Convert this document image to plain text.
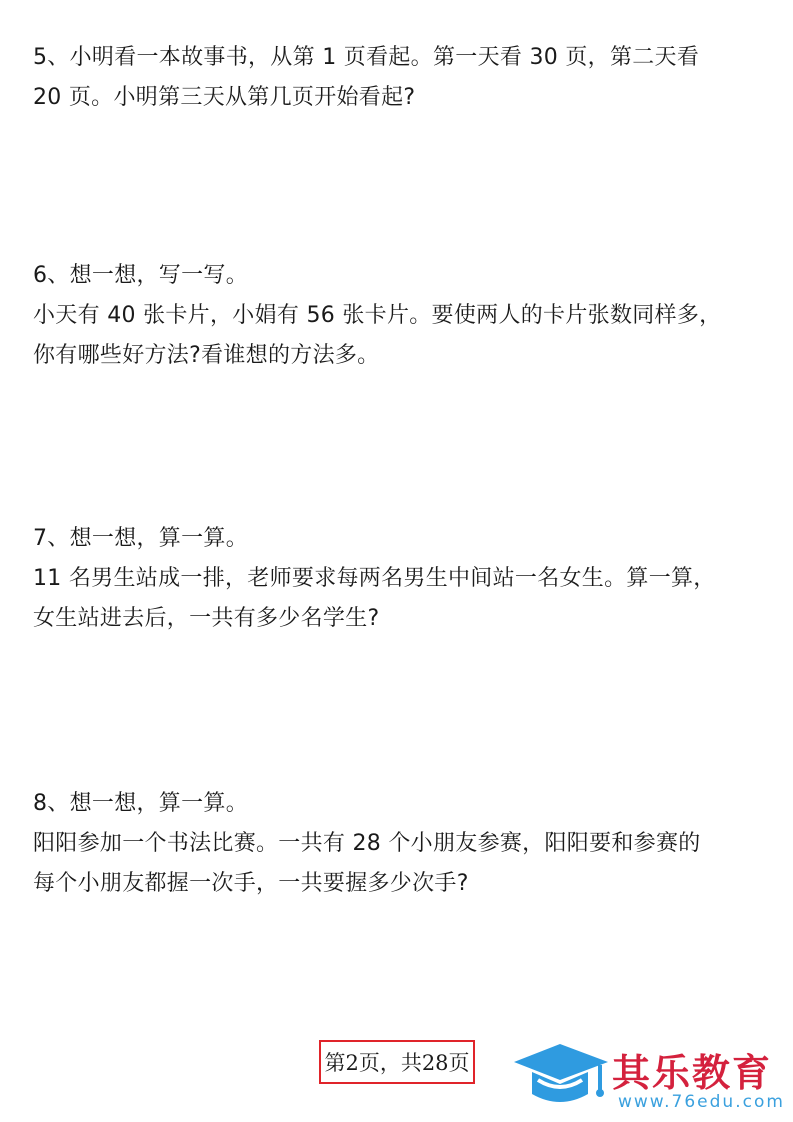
5、小明看一本故事书，从第 1 页看起。第一天看 30 页，第二天看
20 页。小明第三天从第几页开始看起?
6、想一想，写一写。
小天有 40 张卡片，小娟有 56 张卡片。要使两人的卡片张数同样多，
你有哪些好方法?看谁想的方法多。
7、想一想，算一算。
11 名男生站成一排，老师要求每两名男生中间站一名女生。算一算，
女生站进去后，一共有多少名学生?
8、想一想，算一算。
阳阳参加一个书法比赛。一共有 28 个小朋友参赛，阳阳要和参赛的
每个小朋友都握一次手，一共要握多少次手?
第2页，共28页	其乐教育
www.76edu.com
